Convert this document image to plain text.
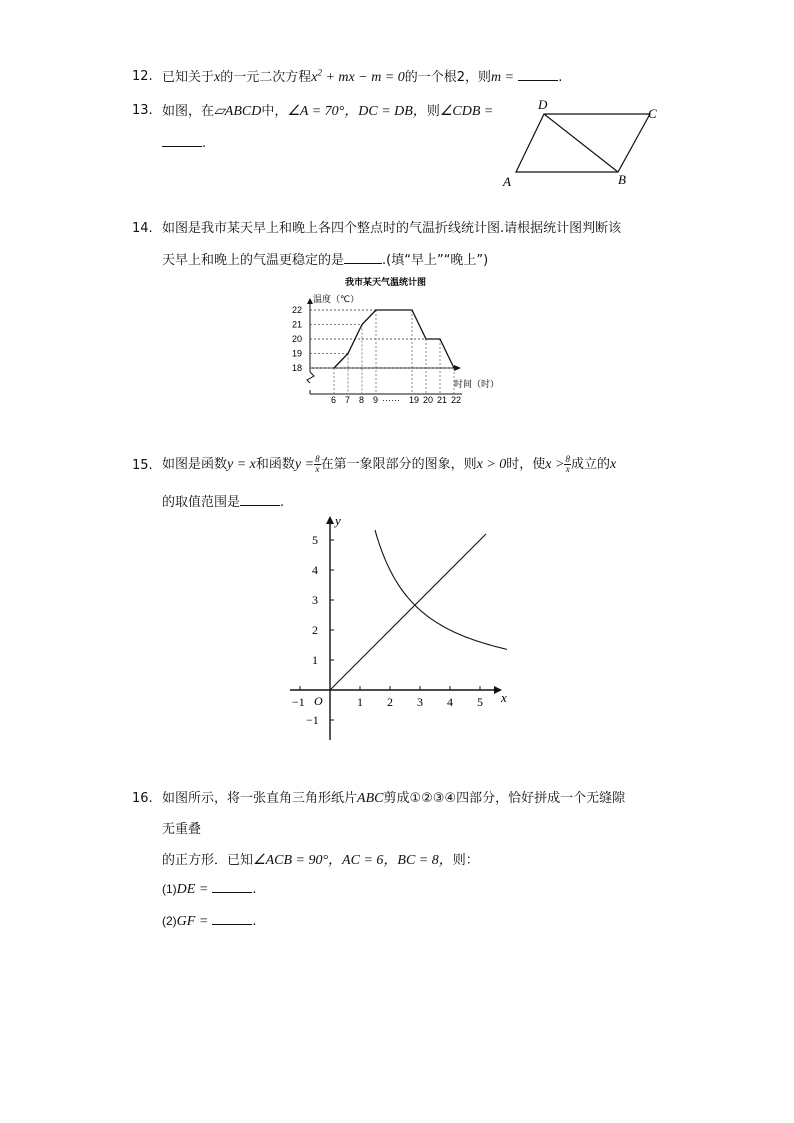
12. 已知关于x的一元二次方程$x^2$ + mx − m = 0的一个根2，则m =	.
13. 如图，在▱ABCD中，∠A = 70°，DC = DB，则∠CDB =
.
D
C
A	B
14. 如图是我市某天早上和晚上各四个整点时的气温折线统计图.请根据统计图判断该
天早上和晚上的气温更稳定的是	.(填“早上”“晚上”)
我市某天气温统计图
温度（℃）
时间（时）
22
21
20
19
18
6 7 8 9	19 20 21 22
……
15. 如图是函数y = x和函数$y = \frac{8}{x}$ 在第一象限部分的图象，则x > 0时，使$x > \frac{8}{x}$ 成立的x
的取值范围是	.
−1	1 2 3 4 5
5
4
3
2
1
−1
O	x
y
16. 如图所示，将一张直角三角形纸片ABC剪成①②③④四部分，恰好拼成一个无缝隙
无重叠
的正方形．已知∠ACB = 90°，AC = 6，BC = 8，则：
(1)DE =	.
(2)GF =	.
